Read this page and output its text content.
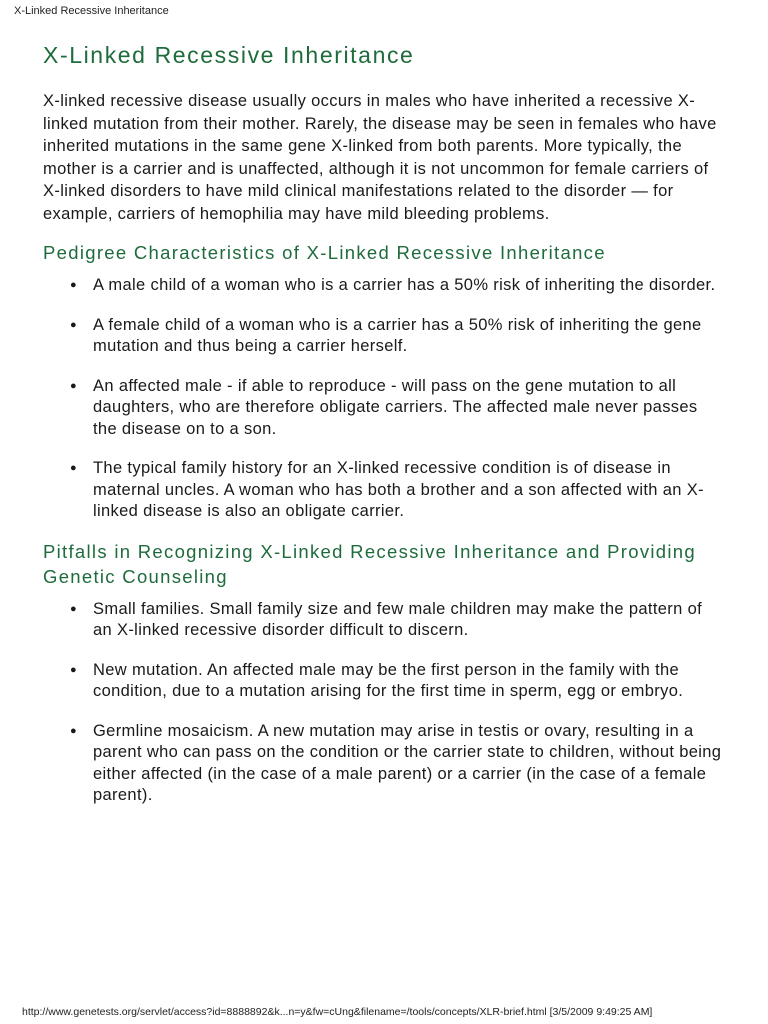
X-Linked Recessive Inheritance
X-Linked Recessive Inheritance

X-linked recessive disease usually occurs in males who have inherited a recessive X-linked mutation from their mother. Rarely, the disease may be seen in females who have inherited mutations in the same gene X-linked from both parents. More typically, the mother is a carrier and is unaffected, although it is not uncommon for female carriers of X-linked disorders to have mild clinical manifestations related to the disorder — for example, carriers of hemophilia may have mild bleeding problems.

Pedigree Characteristics of X-Linked Recessive Inheritance
● A male child of a woman who is a carrier has a 50% risk of inheriting the disorder.
● A female child of a woman who is a carrier has a 50% risk of inheriting the gene mutation and thus being a carrier herself.
● An affected male - if able to reproduce - will pass on the gene mutation to all daughters, who are therefore obligate carriers. The affected male never passes the disease on to a son.
● The typical family history for an X-linked recessive condition is of disease in maternal uncles. A woman who has both a brother and a son affected with an X-linked disease is also an obligate carrier.
Pitfalls in Recognizing X-Linked Recessive Inheritance and Providing Genetic Counseling
● Small families. Small family size and few male children may make the pattern of an X-linked recessive disorder difficult to discern.
● New mutation. An affected male may be the first person in the family with the condition, due to a mutation arising for the first time in sperm, egg or embryo.
● Germline mosaicism. A new mutation may arise in testis or ovary, resulting in a parent who can pass on the condition or the carrier state to children, without being either affected (in the case of a male parent) or a carrier (in the case of a female parent).
http://www.genetests.org/servlet/access?id=8888892&k...n=y&fw=cUng&filename=/tools/concepts/XLR-brief.html [3/5/2009 9:49:25 AM]
